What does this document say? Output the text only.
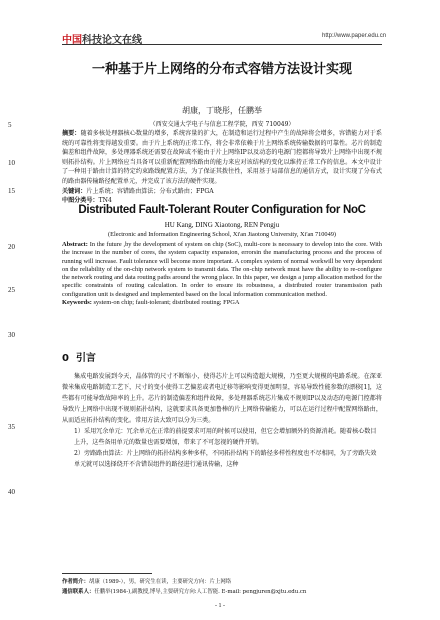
中国科技论文在线	http://www.paper.edu.cn
一种基于片上网络的分布式容错方法设计实现
胡康，丁晓彤，任鹏举
（西安交通大学电子与信息工程学院，西安 710049）

摘要：随着多核处理器核心数量的增多，系统容量的扩大，在制造和运行过程中产生的故障将会增多，容错能力对于系统的可靠性将变得越发重要。由于片上系统的正常工作，将会非常依赖于片上网络系统传输数据的可靠性。芯片的制造偏差和组件故障，多处理器系统还需要在故障或不能由于片上网络IP以及动态的电源门控都将导致片上网络中出现不规则拓扑结构。片上网络应当具备可以重新配置网络路由的能力来应对该结构的变化以维持正常工作的信息。本文中设计了一种用于路由计算的特定约束路线配置方法，为了保证其拨往性，采用基于局部信息的通信方式，设计实现了分布式的路由器传输路径配置单元，并完成了该方法的硬件实现。

关键词：片上系统；容错路由算法；分布式路由；FPGA

中图分类号：TN4

Distributed Fault-Tolerant Router Configuration for NoC
HU Kang, DING Xiaotong, REN Pengju
(Electronic and Information Engineering School, Xi'an Jiaotong University, Xi'an 710049)

Abstract: In the future ,by the development of system on chip (SoC), multi-core is necessary to develop into the core. With the increase in the number of cores, the system capacity expansion, errorsin the manufacturing process and the process of running will increase. Fault tolerance will become more important. A complex system of normal workwill be very dependent on the reliability of the on-chip network system to transmit data. The on-chip network must have the ability to re-configure the network routing and data routing paths around the wrong place. In this paper, we design a jump allocation method for the specific constraints of routing calculation. In order to ensure its robustness, a distributed router transmission path configuration unit is designed and implemented based on the local information communication method.

Keywords: system-on chip; fault-tolerant; distributed routing; FPGA

0 引言

集成电路发展到今天，晶体管的尺寸不断缩小，使得芯片上可以构造超大规模，乃至更大规模的电路系统。在深亚微米集成电路制造工艺下，尺寸的变小使得工艺偏差或者电迁移等影响变得更加明显，容易导致性能参数的漂移[1]，这些都有可能导致故障率的上升。芯片的制造偏差和组件故障，多处理器系统芯片集成不规则IP以及动态的电源门控都将导致片上网络中出现不规则拓扑结构，这就要求具备更加鲁棒的片上网络传输能力，可以在运行过程中配置网络路由，从而适应拓扑结构的变化。常用方法大致可以分为三类。

1）采用冗余单元：冗余单元在正常的前提要求可用的时候可以使用，但它会增加额外的资源消耗。随着核心数目上升，这些备用单元的数量也需要增加，带来了不可忽视的硬件开销。
2）旁路路由算法：片上网络的拓扑结构多种多样，不同拓扑结构下的路径多样性程度也不尽相同，为了旁路失效单元就可以选择绕开不含错误组件的路径进行通讯传输，这种
5
10
15
20
25
30
35
40
作者简介：胡康（1989-），男，研究生在读，主要研究方向：片上网络
通信联系人：任鹏举(1984-),副教授,博导,主要研究方向:人工智能. E-mail: pengjuren@xjtu.edu.cn
- 1 -
